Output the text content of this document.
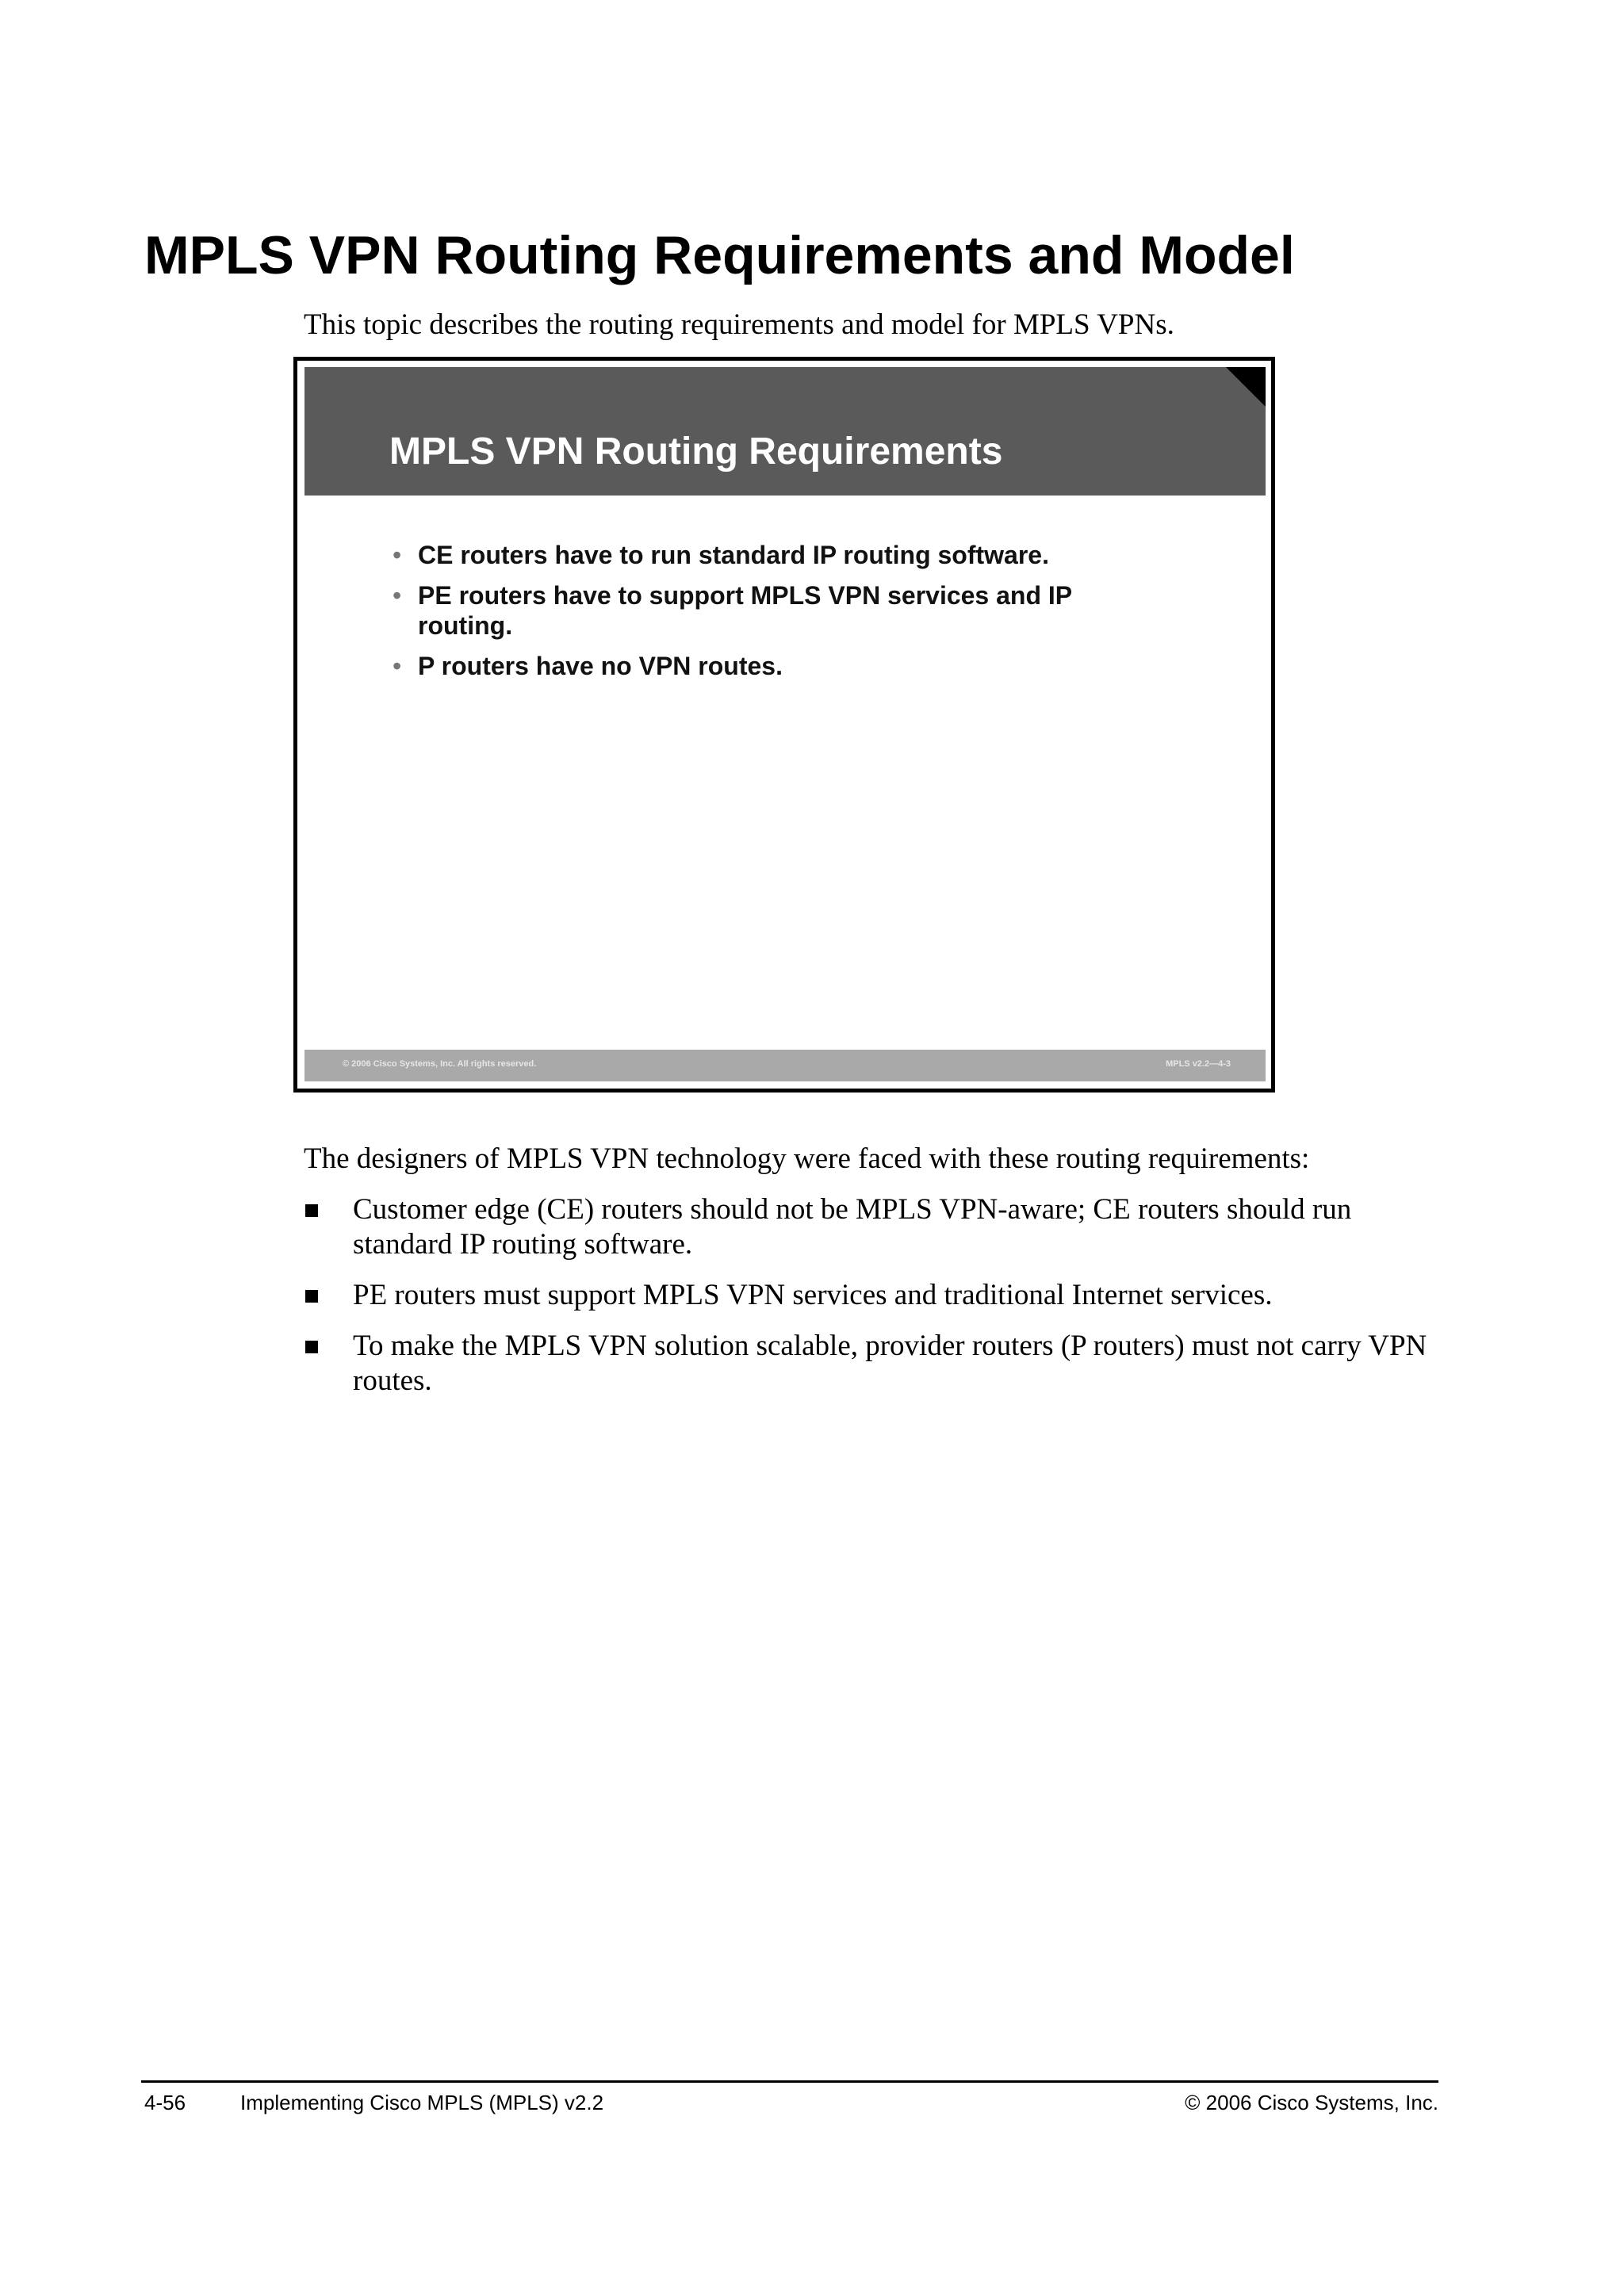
MPLS VPN Routing Requirements and Model

This topic describes the routing requirements and model for MPLS VPNs.

MPLS VPN Routing Requirements
• CE routers have to run standard IP routing software.
• PE routers have to support MPLS VPN services and IP routing.
• P routers have no VPN routes.
© 2006 Cisco Systems, Inc. All rights reserved.	MPLS v2.2—4-3

The designers of MPLS VPN technology were faced with these routing requirements:

Customer edge (CE) routers should not be MPLS VPN-aware; CE routers should run standard IP routing software.
PE routers must support MPLS VPN services and traditional Internet services.
To make the MPLS VPN solution scalable, provider routers (P routers) must not carry VPN routes.
4-56	Implementing Cisco MPLS (MPLS) v2.2	© 2006 Cisco Systems, Inc.
